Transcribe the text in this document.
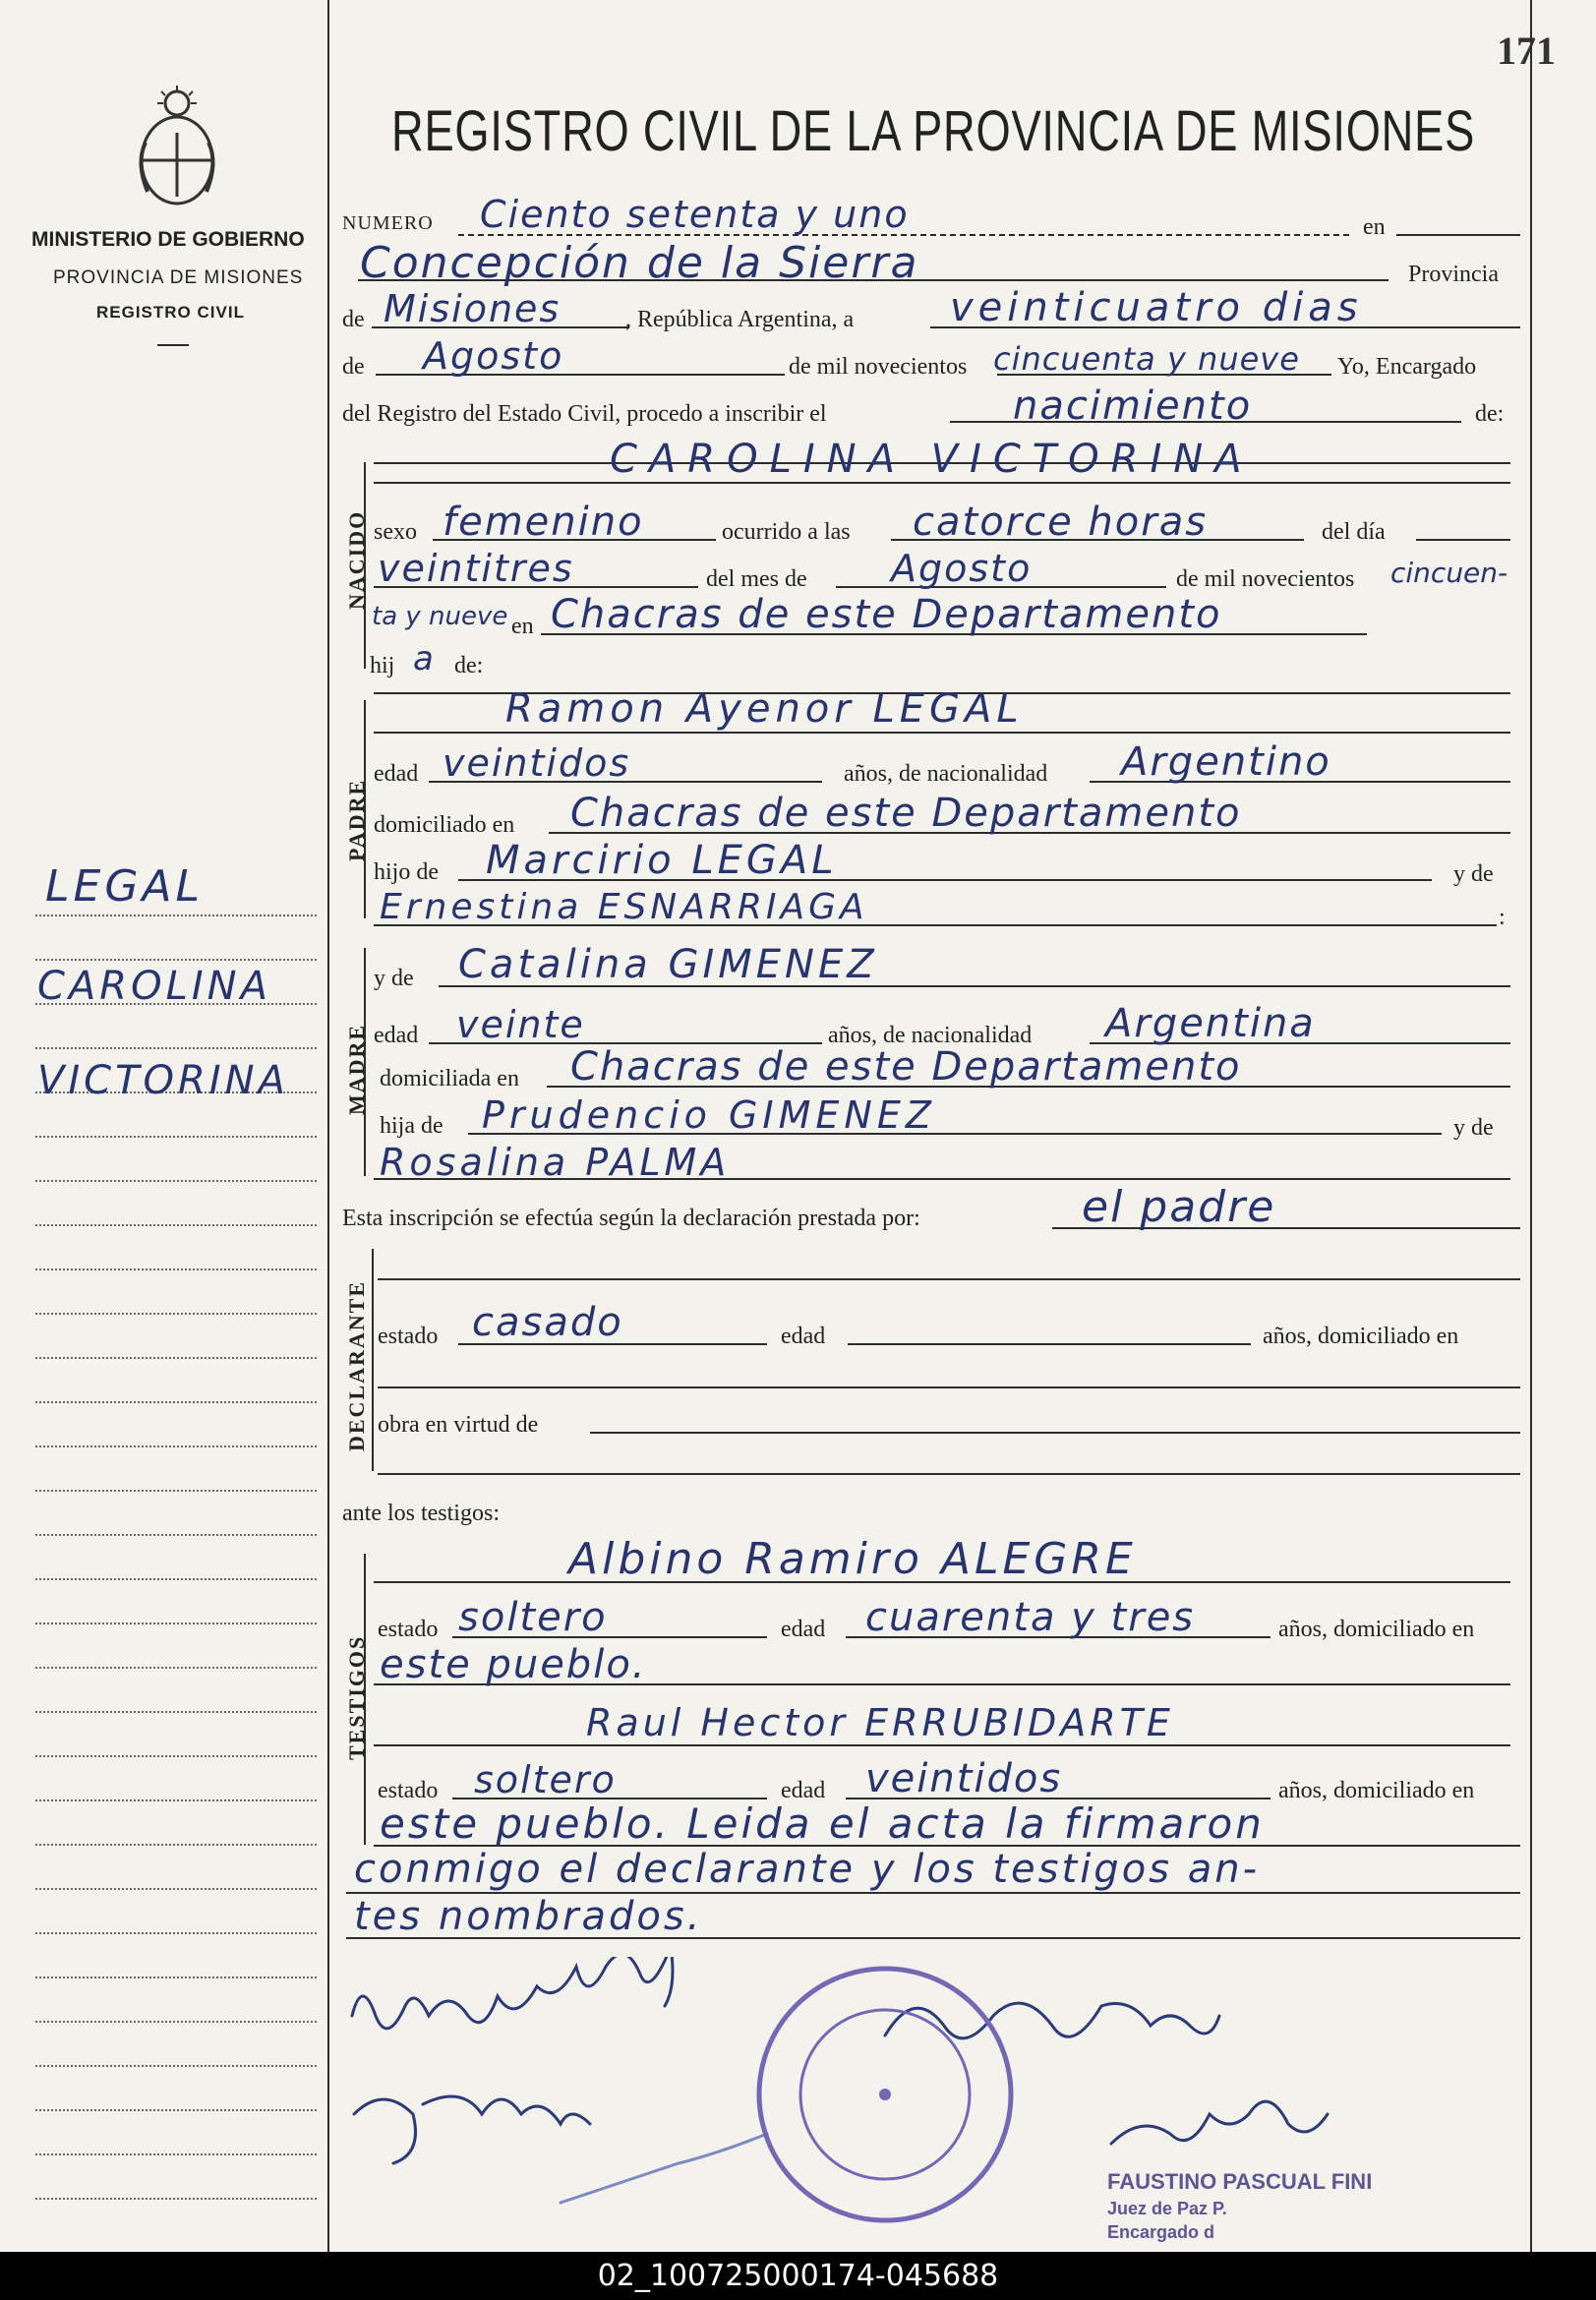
171
MINISTERIO DE GOBIERNO
PROVINCIA DE MISIONES
REGISTRO CIVIL
REGISTRO CIVIL DE LA PROVINCIA DE MISIONES
LEGAL
CAROLINA
VICTORINA
NUMERO Ciento setenta y uno	en
Concepción de la Sierra	Provincia
de Misiones	, República Argentina, a veinticuatro dias
de Agosto	de mil novecientos cincuenta y nueve Yo, Encargado
del Registro del Estado Civil, procedo a inscribir el	nacimiento	de:
NACIDO
CAROLINA VICTORINA
sexo femenino	ocurrido a las catorce horas	del día
veintitres	del mes de Agosto	de mil novecientos cincuen-
ta y nueve en Chacras de este Departamento
hij a de:
PADRE
Ramon Ayenor LEGAL
edad veintidos	años, de nacionalidad Argentino
domiciliado en Chacras de este Departamento
hijo de Marcirio LEGAL	y de
Ernestina ESNARRIAGA	:
MADRE
y de Catalina GIMENEZ
edad veinte	años, de nacionalidad Argentina
domiciliada en Chacras de este Departamento
hija de Prudencio GIMENEZ	y de
Rosalina PALMA
Esta inscripción se efectúa según la declaración prestada por:	el padre
DECLARANTE estado casado	edad	años, domiciliado en
obra en virtud de
ante los testigos:
TESTIGOS
Albino Ramiro ALEGRE
estado soltero	edad cuarenta y tres	años, domiciliado en
este pueblo.
Raul Hector ERRUBIDARTE
estado soltero	edad veintidos	años, domiciliado en
este pueblo. Leida el acta la firmaron
conmigo el declarante y los testigos an-
tes nombrados.
FAUSTINO PASCUAL FINI
Juez de Paz P.
Encargado d
02_100725000174-045688
